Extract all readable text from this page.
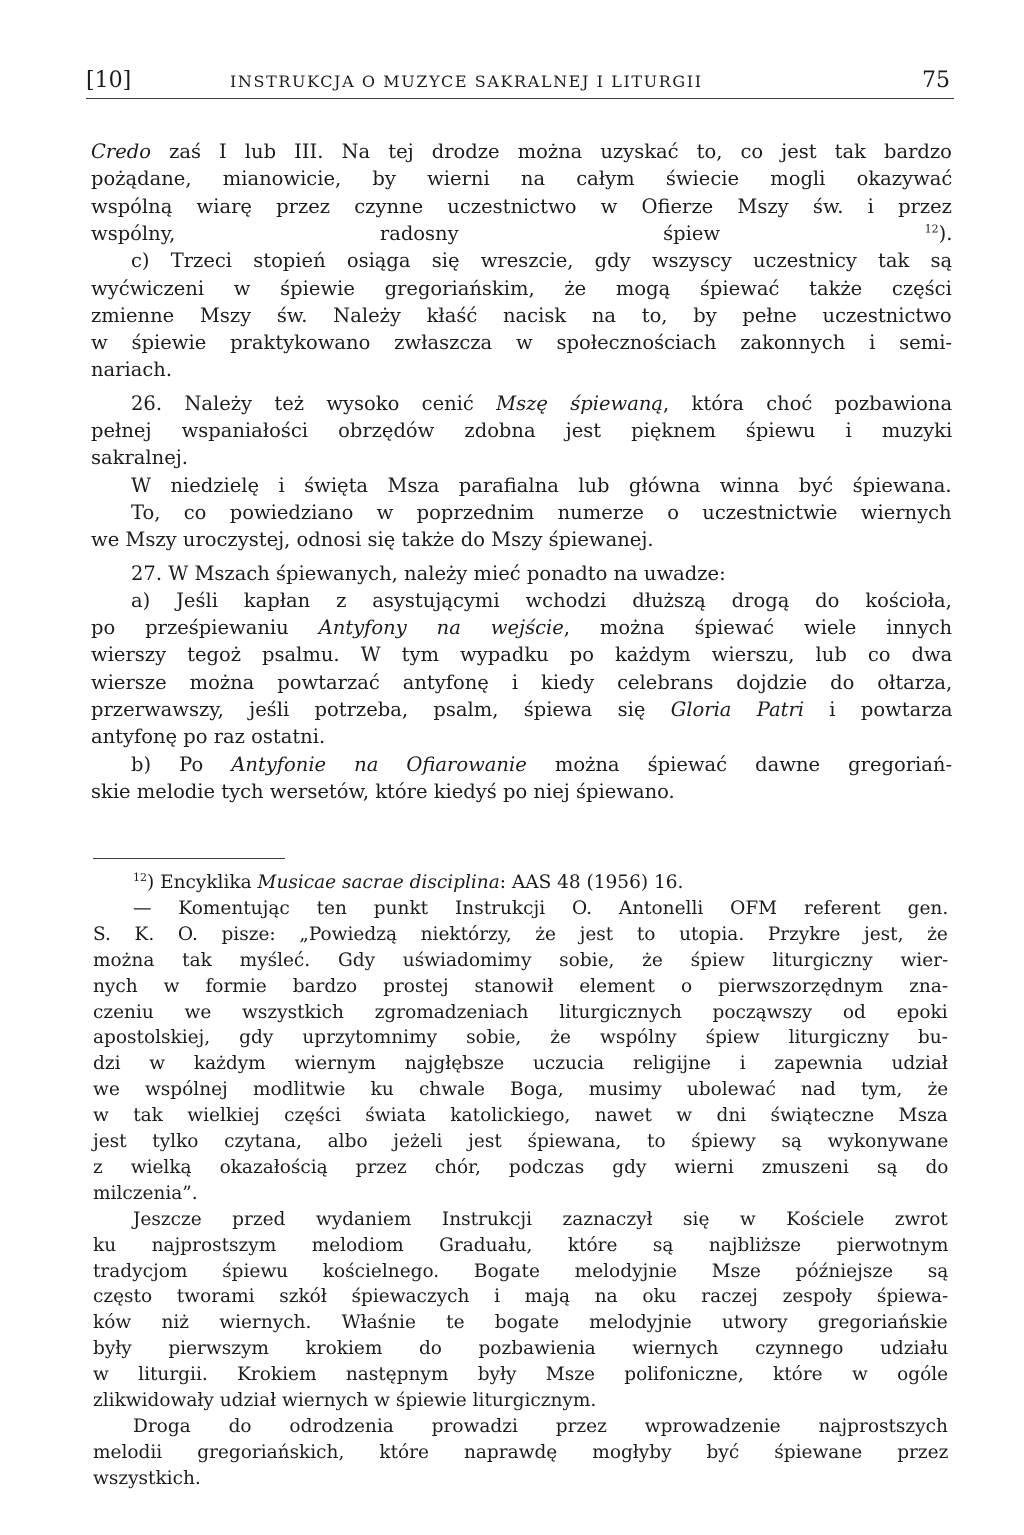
[10]	INSTRUKCJA O MUZYCE SAKRALNEJ I LITURGII	75

Credo zaś I lub III. Na tej drodze można uzyskać to, co jest tak bardzo

pożądane, mianowicie, by wierni na całym świecie mogli okazywać

wspólną wiarę przez czynne uczestnictwo w Ofierze Mszy św. i przez

wspólny, radosny śpiew $^{12}$).

c) Trzeci stopień osiąga się wreszcie, gdy wszyscy uczestnicy tak są

wyćwiczeni w śpiewie gregoriańskim, że mogą śpiewać także części

zmienne Mszy św. Należy kłaść nacisk na to, by pełne uczestnictwo

w śpiewie praktykowano zwłaszcza w społecznościach zakonnych i semi-

nariach.

26. Należy też wysoko cenić Mszę śpiewaną, która choć pozbawiona

pełnej wspaniałości obrzędów zdobna jest pięknem śpiewu i muzyki

sakralnej.

W niedzielę i święta Msza parafialna lub główna winna być śpiewana.

To, co powiedziano w poprzednim numerze o uczestnictwie wiernych

we Mszy uroczystej, odnosi się także do Mszy śpiewanej.

27. W Mszach śpiewanych, należy mieć ponadto na uwadze:

a) Jeśli kapłan z asystującymi wchodzi dłuższą drogą do kościoła,

po prześpiewaniu Antyfony na wejście, można śpiewać wiele innych

wierszy tegoż psalmu. W tym wypadku po każdym wierszu, lub co dwa

wiersze można powtarzać antyfonę i kiedy celebrans dojdzie do ołtarza,

przerwawszy, jeśli potrzeba, psalm, śpiewa się Gloria Patri i powtarza

antyfonę po raz ostatni.

b) Po Antyfonie na Ofiarowanie można śpiewać dawne gregoriań-

skie melodie tych wersetów, które kiedyś po niej śpiewano.

$^{12}$) Encyklika Musicae sacrae disciplina: AAS 48 (1956) 16.

— Komentując ten punkt Instrukcji O. Antonelli OFM referent gen.

S. K. O. pisze: „Powiedzą niektórzy, że jest to utopia. Przykre jest, że

można tak myśleć. Gdy uświadomimy sobie, że śpiew liturgiczny wier-

nych w formie bardzo prostej stanowił element o pierwszorzędnym zna-

czeniu we wszystkich zgromadzeniach liturgicznych począwszy od epoki

apostolskiej, gdy uprzytomnimy sobie, że wspólny śpiew liturgiczny bu-

dzi w każdym wiernym najgłębsze uczucia religijne i zapewnia udział

we wspólnej modlitwie ku chwale Boga, musimy ubolewać nad tym, że

w tak wielkiej części świata katolickiego, nawet w dni świąteczne Msza

jest tylko czytana, albo jeżeli jest śpiewana, to śpiewy są wykonywane

z wielką okazałością przez chór, podczas gdy wierni zmuszeni są do

milczenia”.

Jeszcze przed wydaniem Instrukcji zaznaczył się w Kościele zwrot

ku najprostszym melodiom Graduału, które są najbliższe pierwotnym

tradycjom śpiewu kościelnego. Bogate melodyjnie Msze późniejsze są

często tworami szkół śpiewaczych i mają na oku raczej zespoły śpiewa-

ków niż wiernych. Właśnie te bogate melodyjnie utwory gregoriańskie

były pierwszym krokiem do pozbawienia wiernych czynnego udziału

w liturgii. Krokiem następnym były Msze polifoniczne, które w ogóle

zlikwidowały udział wiernych w śpiewie liturgicznym.

Droga do odrodzenia prowadzi przez wprowadzenie najprostszych

melodii gregoriańskich, które naprawdę mogłyby być śpiewane przez

wszystkich.
